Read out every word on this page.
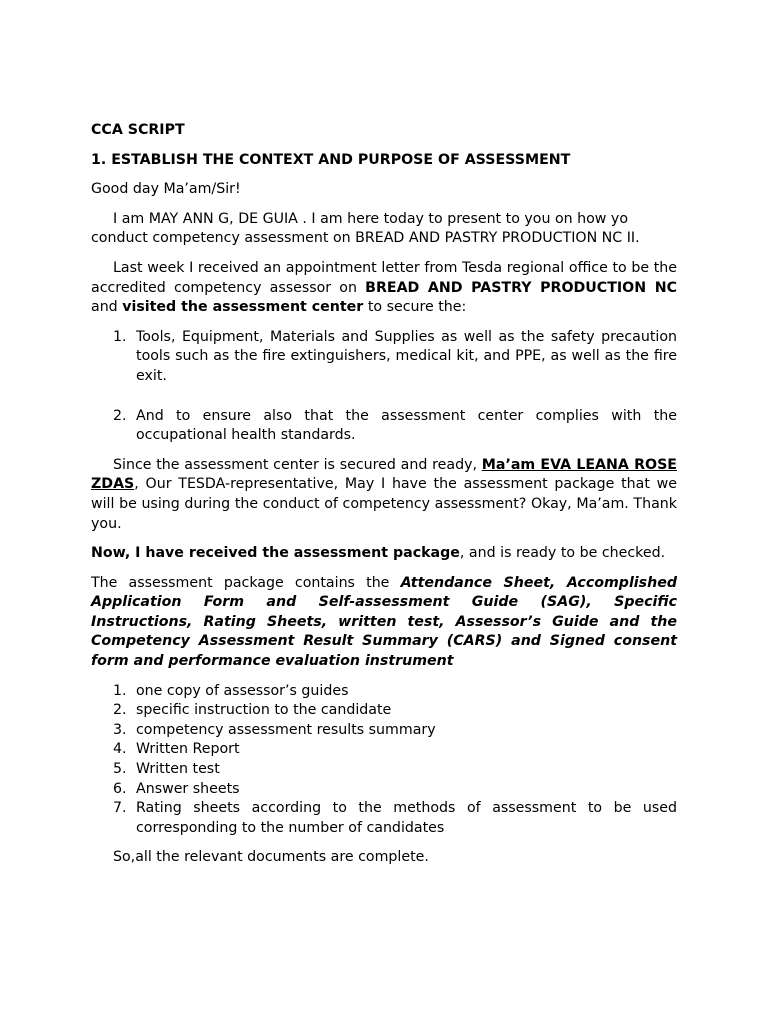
CCA SCRIPT

1. ESTABLISH THE CONTEXT AND PURPOSE OF ASSESSMENT

Good day Ma’am/Sir!

I am MAY ANN G, DE GUIA . I am here today to present to you on how yo
conduct competency assessment on BREAD AND PASTRY PRODUCTION NC II.

Last week I received an appointment letter from Tesda regional office to be the accredited competency assessor on BREAD AND PASTRY PRODUCTION NC and visited the assessment center to secure the:

1. Tools, Equipment, Materials and Supplies as well as the safety precaution tools such as the fire extinguishers, medical kit, and PPE, as well as the fire exit.
2. And to ensure also that the assessment center complies with the occupational health standards.

Since the assessment center is secured and ready, Ma’am EVA LEANA ROSE ZDAS, Our TESDA-representative, May I have the assessment package that we will be using during the conduct of competency assessment? Okay, Ma’am. Thank you.

Now, I have received the assessment package, and is ready to be checked.

The assessment package contains the Attendance Sheet, Accomplished Application Form and Self-assessment Guide (SAG), Specific Instructions, Rating Sheets, written test, Assessor’s Guide and the Competency Assessment Result Summary (CARS) and Signed consent form and performance evaluation instrument

1. one copy of assessor’s guides
2. specific instruction to the candidate
3. competency assessment results summary
4. Written Report
5. Written test
6. Answer sheets
7. Rating sheets according to the methods of assessment to be used corresponding to the number of candidates

So,all the relevant documents are complete.
